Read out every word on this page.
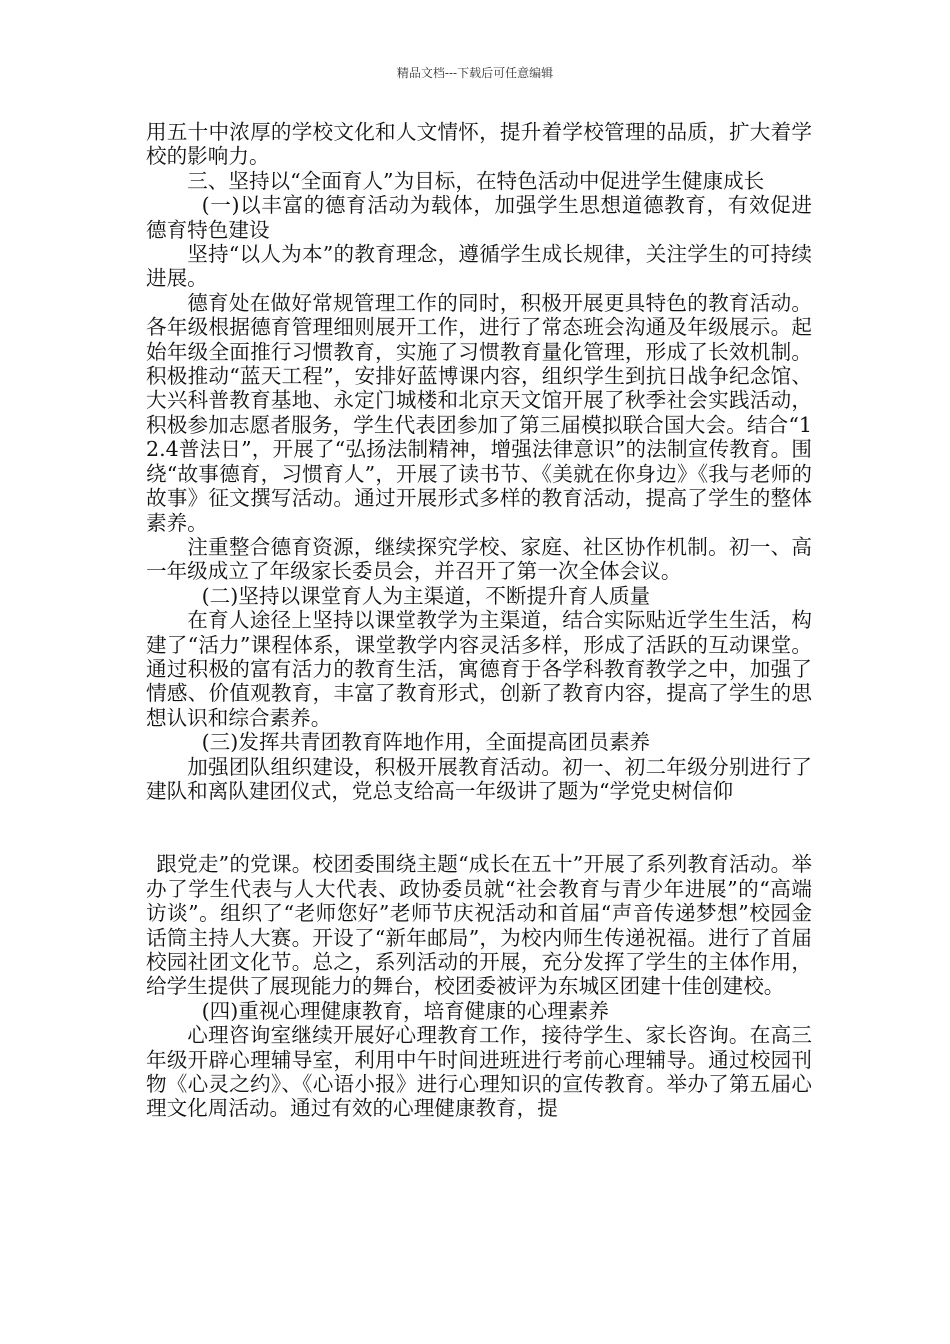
精品文档---下载后可任意编辑

用五十中浓厚的学校文化和人文情怀，提升着学校管理的品质，扩大着学校的影响力。

三、坚持以“全面育人”为目标，在特色活动中促进学生健康成长

(一)以丰富的德育活动为载体，加强学生思想道德教育，有效促进德育特色建设

坚持“以人为本”的教育理念，遵循学生成长规律，关注学生的可持续进展。

德育处在做好常规管理工作的同时，积极开展更具特色的教育活动。各年级根据德育管理细则展开工作，进行了常态班会沟通及年级展示。起始年级全面推行习惯教育，实施了习惯教育量化管理，形成了长效机制。积极推动“蓝天工程”，安排好蓝博课内容，组织学生到抗日战争纪念馆、大兴科普教育基地、永定门城楼和北京天文馆开展了秋季社会实践活动，积极参加志愿者服务，学生代表团参加了第三届模拟联合国大会。结合“12.4普法日”，开展了“弘扬法制精神，增强法律意识”的法制宣传教育。围绕“故事德育，习惯育人”，开展了读书节、《美就在你身边》《我与老师的故事》征文撰写活动。通过开展形式多样的教育活动，提高了学生的整体素养。

注重整合德育资源，继续探究学校、家庭、社区协作机制。初一、高一年级成立了年级家长委员会，并召开了第一次全体会议。

(二)坚持以课堂育人为主渠道，不断提升育人质量

在育人途径上坚持以课堂教学为主渠道，结合实际贴近学生生活，构建了“活力”课程体系，课堂教学内容灵活多样，形成了活跃的互动课堂。通过积极的富有活力的教育生活，寓德育于各学科教育教学之中，加强了情感、价值观教育，丰富了教育形式，创新了教育内容，提高了学生的思想认识和综合素养。

(三)发挥共青团教育阵地作用，全面提高团员素养

加强团队组织建设，积极开展教育活动。初一、初二年级分别进行了建队和离队建团仪式，党总支给高一年级讲了题为“学党史树信仰

跟党走”的党课。校团委围绕主题“成长在五十”开展了系列教育活动。举办了学生代表与人大代表、政协委员就“社会教育与青少年进展”的“高端访谈”。组织了“老师您好”老师节庆祝活动和首届“声音传递梦想”校园金话筒主持人大赛。开设了“新年邮局”，为校内师生传递祝福。进行了首届校园社团文化节。总之，系列活动的开展，充分发挥了学生的主体作用，给学生提供了展现能力的舞台，校团委被评为东城区团建十佳创建校。

(四)重视心理健康教育，培育健康的心理素养

心理咨询室继续开展好心理教育工作，接待学生、家长咨询。在高三年级开辟心理辅导室，利用中午时间进班进行考前心理辅导。通过校园刊物《心灵之约》、《心语小报》进行心理知识的宣传教育。举办了第五届心理文化周活动。通过有效的心理健康教育，提
